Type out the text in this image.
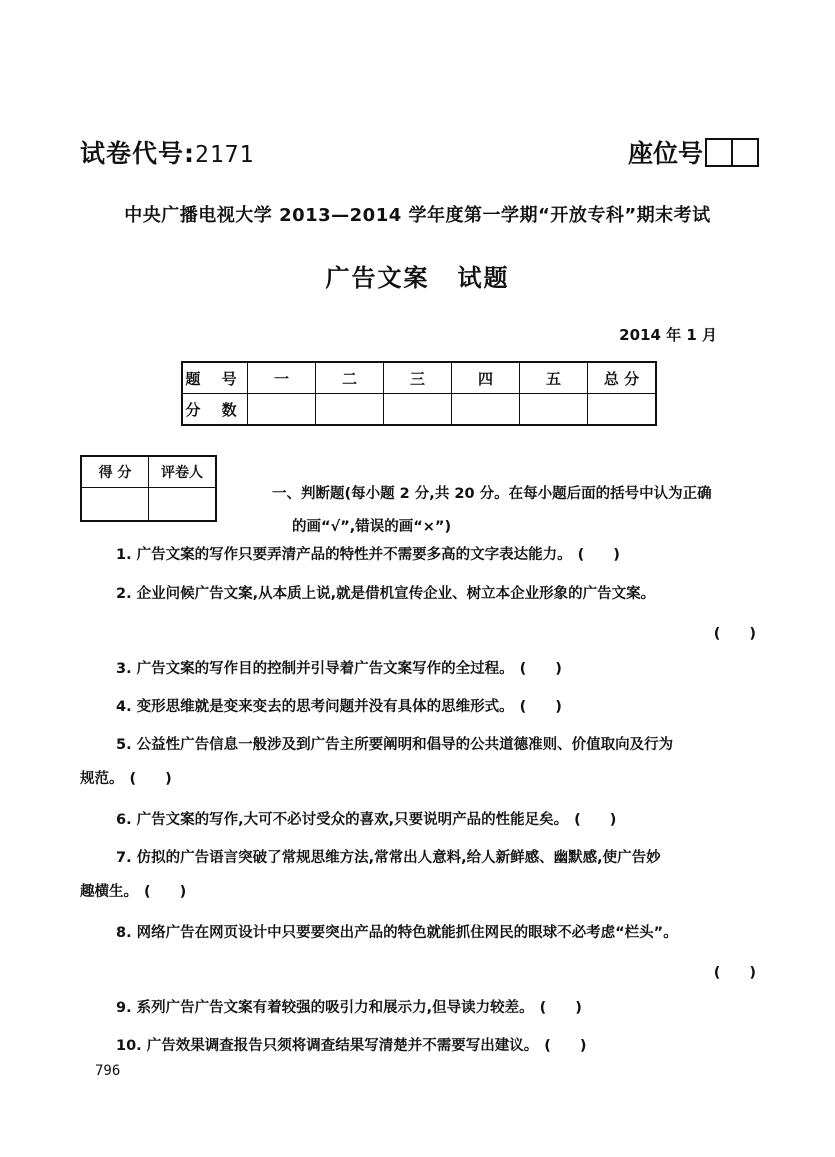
试卷代号:2171	座位号
中央广播电视大学 2013—2014 学年度第一学期“开放专科”期末考试
广告文案 试题
2014 年 1 月
题 号	一	二	三	四	五	总 分
分 数						
得 分	评卷人

一、判断题(每小题 2 分,共 20 分。在每小题后面的括号中认为正确
的画“√”,错误的画“×”)
1. 广告文案的写作只要弄清产品的特性并不需要多高的文字表达能力。 (　　)
2. 企业问候广告文案,从本质上说,就是借机宣传企业、树立本企业形象的广告文案。
(　　)
3. 广告文案的写作目的控制并引导着广告文案写作的全过程。 (　　)
4. 变形思维就是变来变去的思考问题并没有具体的思维形式。 (　　)
5. 公益性广告信息一般涉及到广告主所要阐明和倡导的公共道德准则、价值取向及行为
规范。 (　　)
6. 广告文案的写作,大可不必讨受众的喜欢,只要说明产品的性能足矣。 (　　)
7. 仿拟的广告语言突破了常规思维方法,常常出人意料,给人新鲜感、幽默感,使广告妙
趣横生。 (　　)
8. 网络广告在网页设计中只要要突出产品的特色就能抓住网民的眼球不必考虑“栏头”。
(　　)
9. 系列广告广告文案有着较强的吸引力和展示力,但导读力较差。 (　　)
10. 广告效果调查报告只须将调查结果写清楚并不需要写出建议。 (　　)
796
